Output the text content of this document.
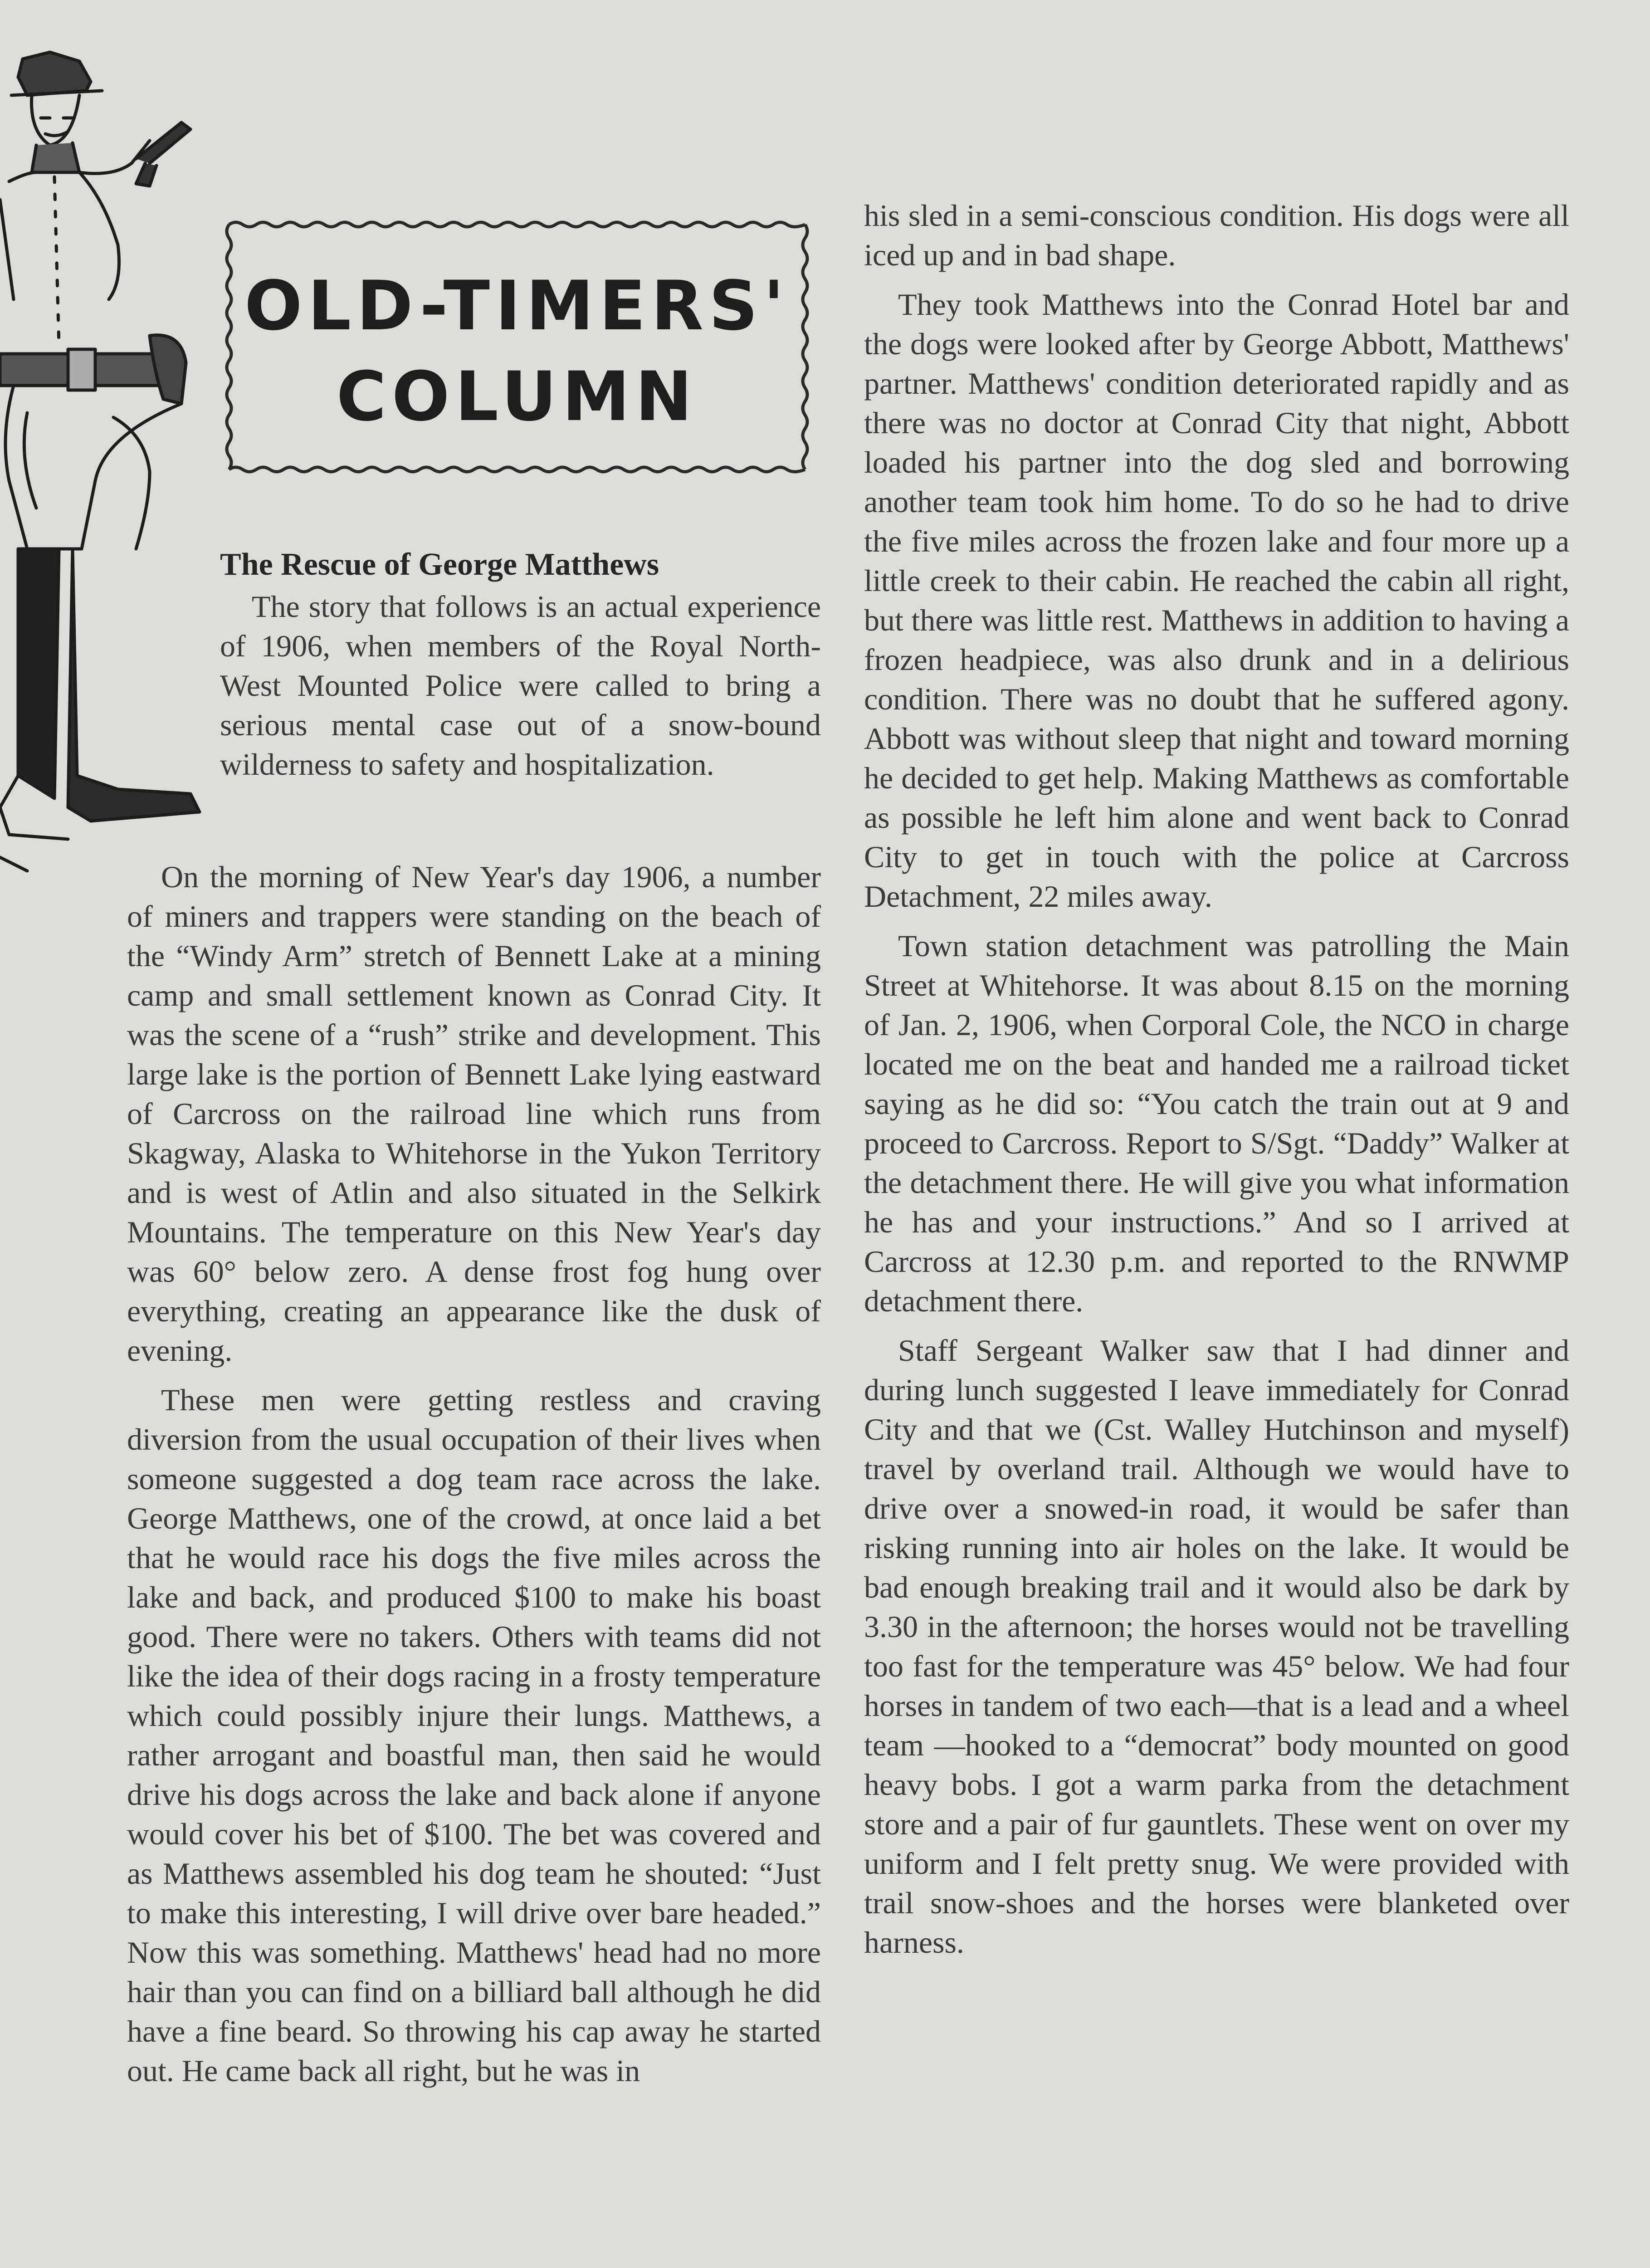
OLD-TIMERS'
COLUMN
The Rescue of George Matthews

The story that follows is an actual experience of 1906, when members of the Royal North-West Mounted Police were called to bring a serious mental case out of a snow-bound wilderness to safety and hospitalization.

On the morning of New Year's day 1906, a number of miners and trappers were standing on the beach of the “Windy Arm” stretch of Bennett Lake at a mining camp and small settlement known as Conrad City. It was the scene of a “rush” strike and development. This large lake is the portion of Bennett Lake lying eastward of Carcross on the railroad line which runs from Skagway, Alaska to Whitehorse in the Yukon Territory and is west of Atlin and also situated in the Selkirk Mountains. The temperature on this New Year's day was 60° below zero. A dense frost fog hung over everything, creating an appearance like the dusk of evening.

These men were getting restless and craving diversion from the usual occupation of their lives when someone suggested a dog team race across the lake. George Matthews, one of the crowd, at once laid a bet that he would race his dogs the five miles across the lake and back, and produced $100 to make his boast good. There were no takers. Others with teams did not like the idea of their dogs racing in a frosty temperature which could possibly injure their lungs. Matthews, a rather arrogant and boastful man, then said he would drive his dogs across the lake and back alone if anyone would cover his bet of $100. The bet was covered and as Matthews assembled his dog team he shouted: “Just to make this interesting, I will drive over bare headed.” Now this was something. Matthews' head had no more hair than you can find on a billiard ball although he did have a fine beard. So throwing his cap away he started out. He came back all right, but he was in

his sled in a semi-conscious condition. His dogs were all iced up and in bad shape.

They took Matthews into the Conrad Hotel bar and the dogs were looked after by George Abbott, Matthews' partner. Matthews' condition deteriorated rapidly and as there was no doctor at Conrad City that night, Abbott loaded his partner into the dog sled and borrowing another team took him home. To do so he had to drive the five miles across the frozen lake and four more up a little creek to their cabin. He reached the cabin all right, but there was little rest. Matthews in addition to having a frozen headpiece, was also drunk and in a delirious condition. There was no doubt that he suffered agony. Abbott was without sleep that night and toward morning he decided to get help. Making Matthews as comfortable as possible he left him alone and went back to Conrad City to get in touch with the police at Carcross Detachment, 22 miles away.

Town station detachment was patrolling the Main Street at Whitehorse. It was about 8.15 on the morning of Jan. 2, 1906, when Corporal Cole, the NCO in charge located me on the beat and handed me a railroad ticket saying as he did so: “You catch the train out at 9 and proceed to Carcross. Report to S/Sgt. “Daddy” Walker at the detachment there. He will give you what information he has and your instructions.” And so I arrived at Carcross at 12.30 p.m. and reported to the RNWMP detachment there.

Staff Sergeant Walker saw that I had dinner and during lunch suggested I leave immediately for Conrad City and that we (Cst. Walley Hutchinson and myself) travel by overland trail. Although we would have to drive over a snowed-in road, it would be safer than risking running into air holes on the lake. It would be bad enough breaking trail and it would also be dark by 3.30 in the afternoon; the horses would not be travelling too fast for the temperature was 45° below. We had four horses in tandem of two each—that is a lead and a wheel team —hooked to a “democrat” body mounted on good heavy bobs. I got a warm parka from the detachment store and a pair of fur gauntlets. These went on over my uniform and I felt pretty snug. We were provided with trail snow-shoes and the horses were blanketed over harness.
